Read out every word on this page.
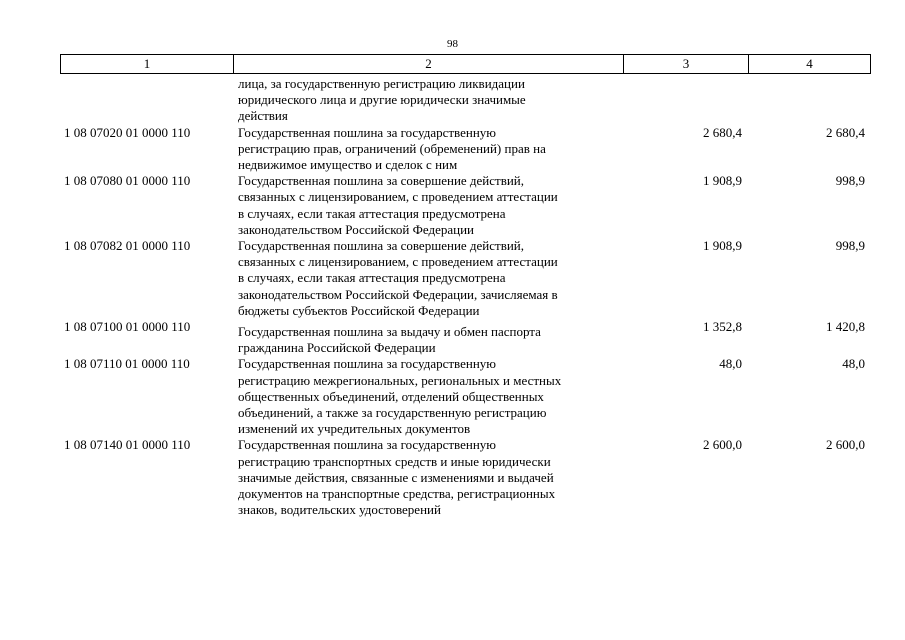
98
1	2	3	4
лица, за государственную регистрацию ликвидации
юридического лица и другие юридически значимые
действия
1 08 07020 01 0000 110	Государственная пошлина за государственную
регистрацию прав, ограничений (обременений) прав на
недвижимое имущество и сделок с ним
2 680,4	2 680,4
1 08 07080 01 0000 110	Государственная пошлина за совершение действий,
связанных с лицензированием, с проведением аттестации
в случаях, если такая аттестация предусмотрена
законодательством Российской Федерации
1 908,9	998,9
1 08 07082 01 0000 110	Государственная пошлина за совершение действий,
связанных с лицензированием, с проведением аттестации
в случаях, если такая аттестация предусмотрена
законодательством Российской Федерации, зачисляемая в
бюджеты субъектов Российской Федерации
1 908,9	998,9
1 08 07100 01 0000 110	Государственная пошлина за выдачу и обмен паспорта
гражданина Российской Федерации
1 352,8	1 420,8
1 08 07110 01 0000 110	Государственная пошлина за государственную
регистрацию межрегиональных, региональных и местных
общественных объединений, отделений общественных
объединений, а также за государственную регистрацию
изменений их учредительных документов
48,0	48,0
1 08 07140 01 0000 110	Государственная пошлина за государственную
регистрацию транспортных средств и иные юридически
значимые действия, связанные с изменениями и выдачей
документов на транспортные средства, регистрационных
знаков, водительских удостоверений
2 600,0	2 600,0
